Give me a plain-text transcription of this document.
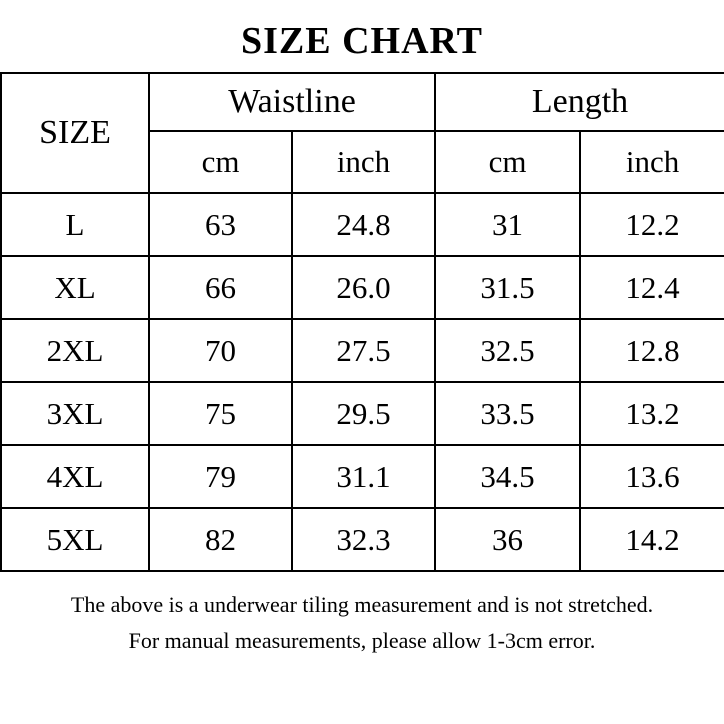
SIZE CHART
SIZE	Waistline		Length	
	cm	inch	cm	inch
L	63	24.8	31	12.2
XL	66	26.0	31.5	12.4
2XL	70	27.5	32.5	12.8
3XL	75	29.5	33.5	13.2
4XL	79	31.1	34.5	13.6
5XL	82	32.3	36	14.2
The above is a underwear tiling measurement and is not stretched.
For manual measurements, please allow 1-3cm error.
